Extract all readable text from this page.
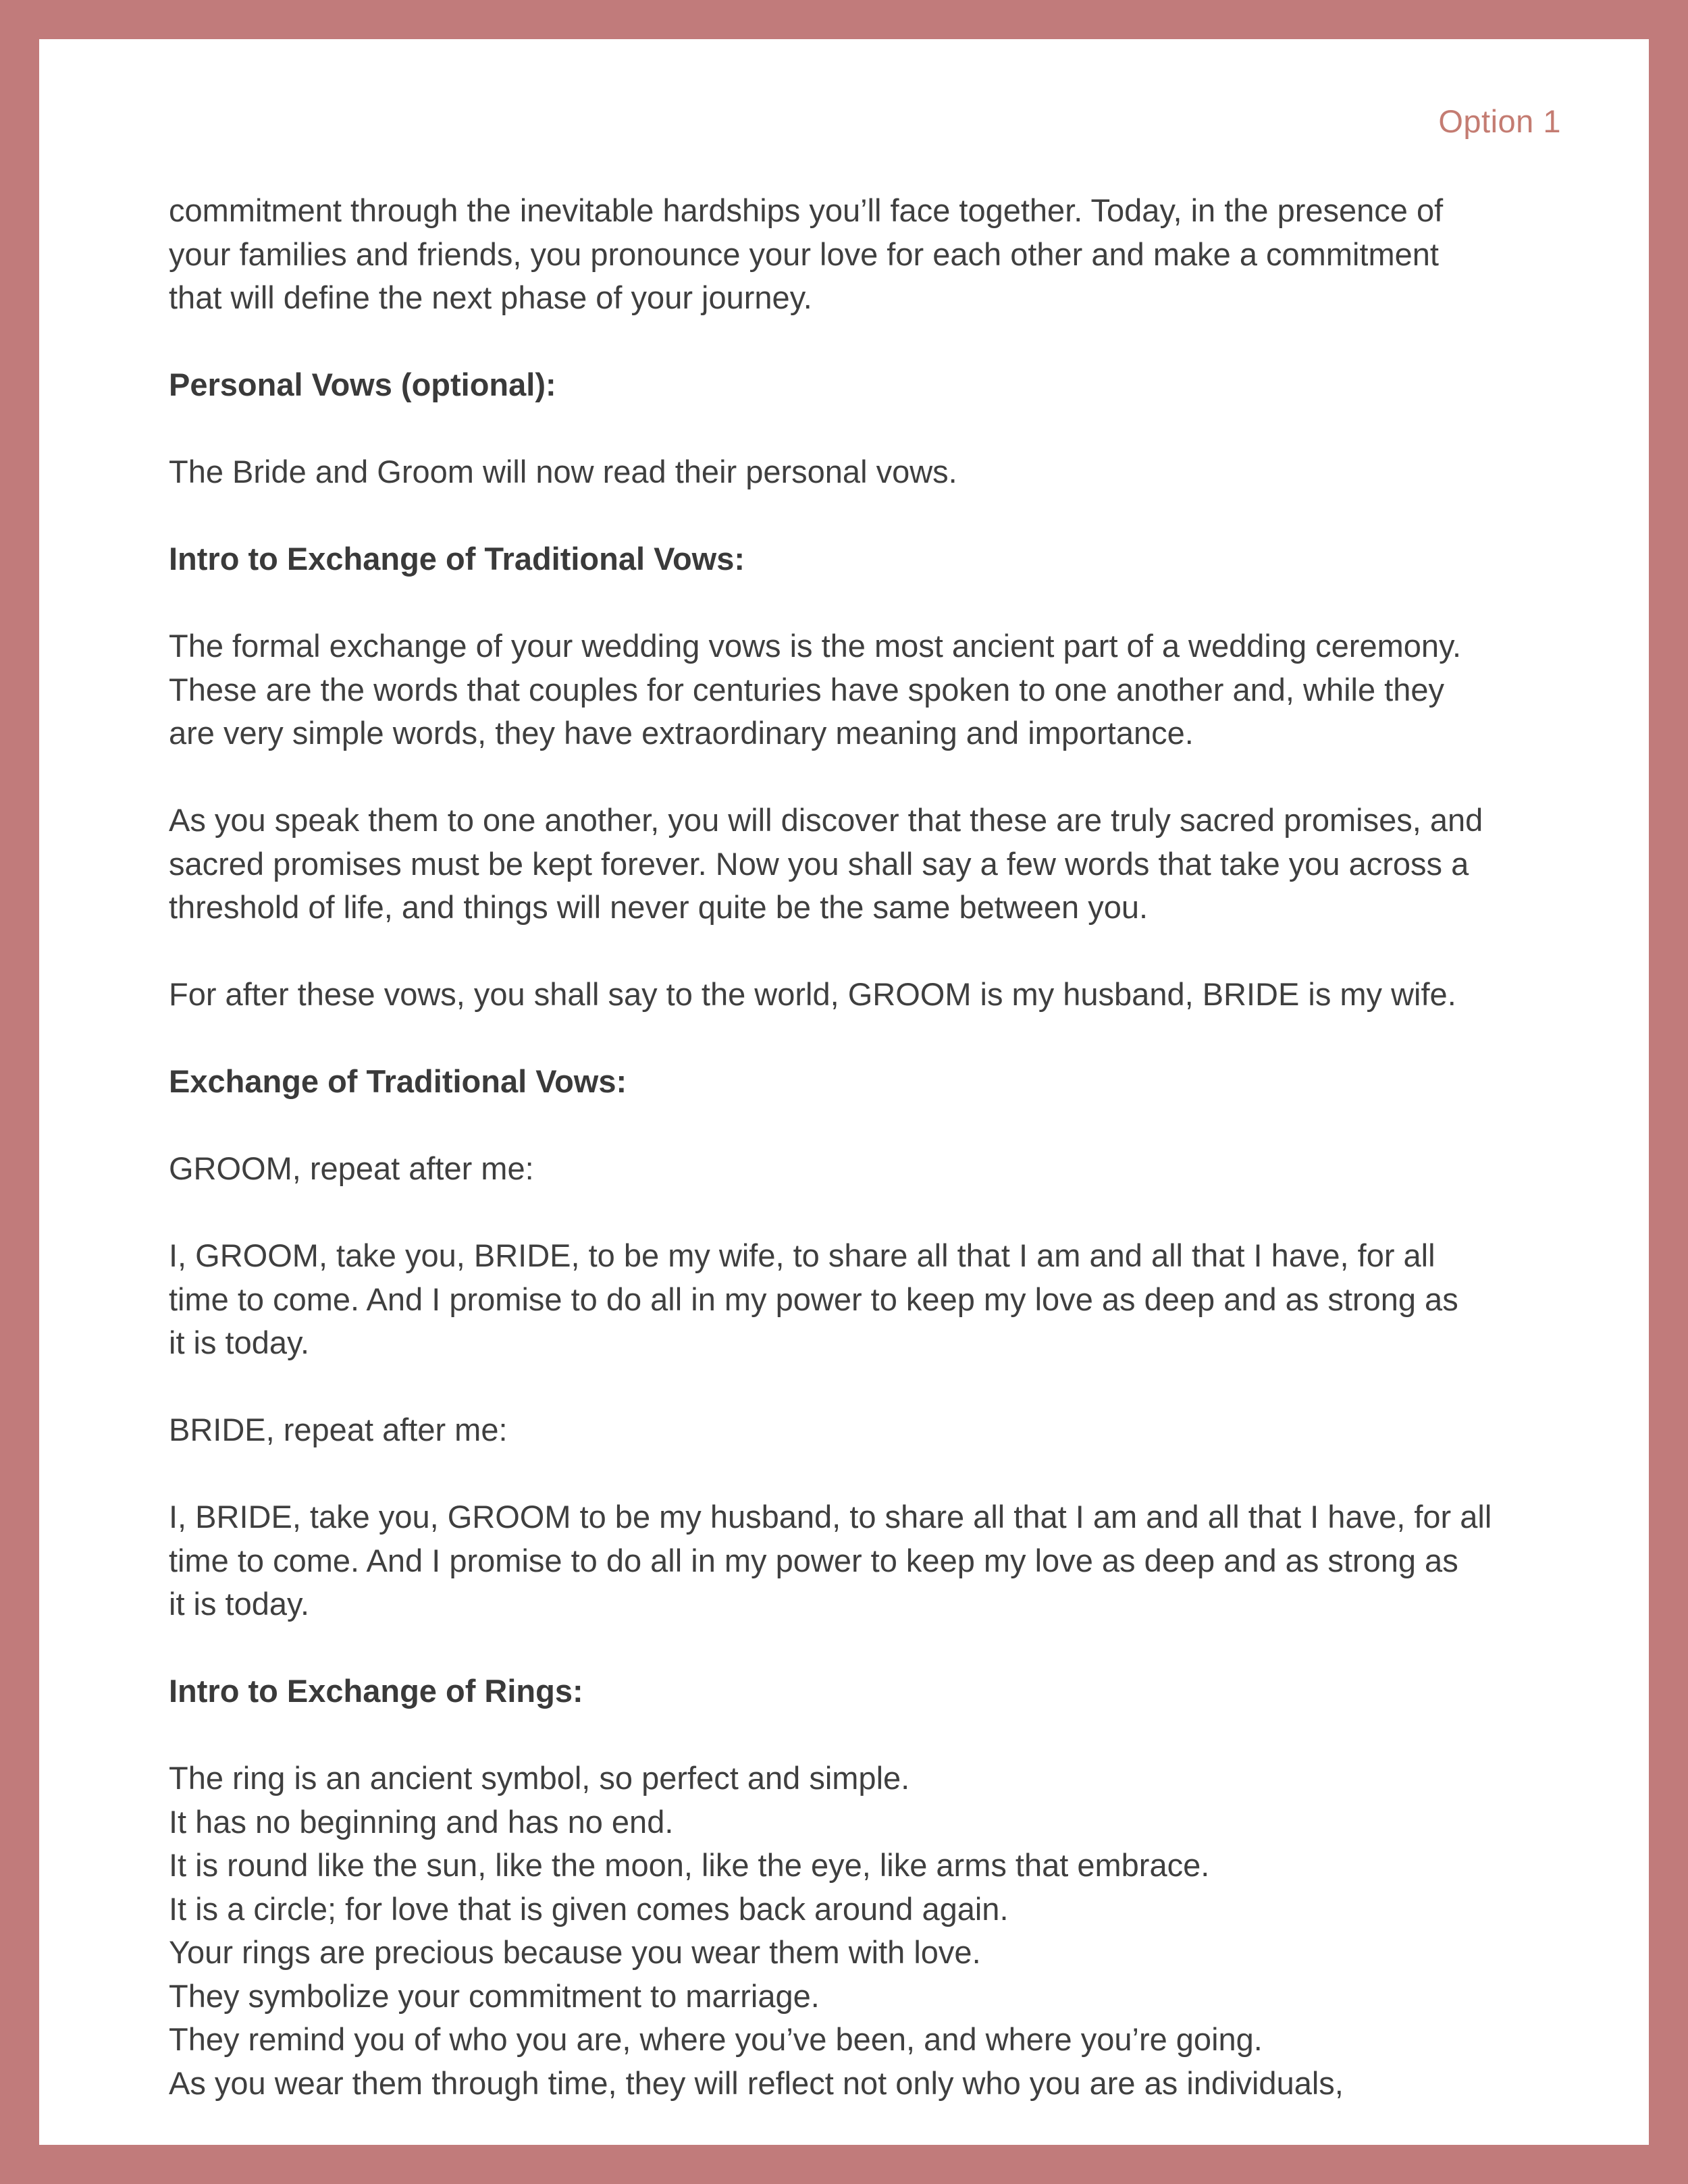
Option 1

commitment through the inevitable hardships you’ll face together. Today, in the presence of
your families and friends, you pronounce your love for each other and make a commitment
that will define the next phase of your journey.

Personal Vows (optional):

The Bride and Groom will now read their personal vows.

Intro to Exchange of Traditional Vows:

The formal exchange of your wedding vows is the most ancient part of a wedding ceremony.
These are the words that couples for centuries have spoken to one another and, while they
are very simple words, they have extraordinary meaning and importance.

As you speak them to one another, you will discover that these are truly sacred promises, and
sacred promises must be kept forever. Now you shall say a few words that take you across a
threshold of life, and things will never quite be the same between you.

For after these vows, you shall say to the world, GROOM is my husband, BRIDE is my wife.

Exchange of Traditional Vows:

GROOM, repeat after me:

I, GROOM, take you, BRIDE, to be my wife, to share all that I am and all that I have, for all
time to come. And I promise to do all in my power to keep my love as deep and as strong as
it is today.

BRIDE, repeat after me:

I, BRIDE, take you, GROOM to be my husband, to share all that I am and all that I have, for all
time to come. And I promise to do all in my power to keep my love as deep and as strong as
it is today.

Intro to Exchange of Rings:

The ring is an ancient symbol, so perfect and simple.
It has no beginning and has no end.
It is round like the sun, like the moon, like the eye, like arms that embrace.
It is a circle; for love that is given comes back around again.
Your rings are precious because you wear them with love.
They symbolize your commitment to marriage.
They remind you of who you are, where you’ve been, and where you’re going.
As you wear them through time, they will reflect not only who you are as individuals,
